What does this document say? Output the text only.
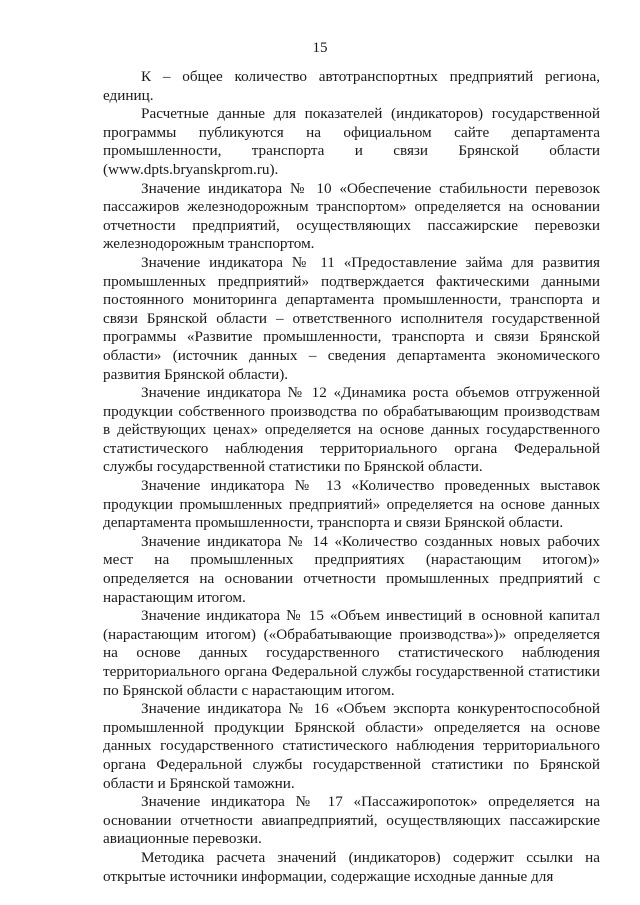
15

К – общее количество автотранспортных предприятий региона, единиц.

Расчетные данные для показателей (индикаторов) государственной программы публикуются на официальном сайте департамента промышленности, транспорта и связи Брянской области (www.dpts.bryanskprom.ru).

Значение индикатора № 10 «Обеспечение стабильности перевозок пассажиров железнодорожным транспортом» определяется на основании отчетности предприятий, осуществляющих пассажирские перевозки железнодорожным транспортом.

Значение индикатора № 11 «Предоставление займа для развития промышленных предприятий» подтверждается фактическими данными постоянного мониторинга департамента промышленности, транспорта и связи Брянской области – ответственного исполнителя государственной программы «Развитие промышленности, транспорта и связи Брянской области» (источник данных – сведения департамента экономического развития Брянской области).

Значение индикатора № 12 «Динамика роста объемов отгруженной продукции собственного производства по обрабатывающим производствам в действующих ценах» определяется на основе данных государственного статистического наблюдения территориального органа Федеральной службы государственной статистики по Брянской области.

Значение индикатора № 13 «Количество проведенных выставок продукции промышленных предприятий» определяется на основе данных департамента промышленности, транспорта и связи Брянской области.

Значение индикатора № 14 «Количество созданных новых рабочих мест на промышленных предприятиях (нарастающим итогом)» определяется на основании отчетности промышленных предприятий с нарастающим итогом.

Значение индикатора № 15 «Объем инвестиций в основной капитал (нарастающим итогом) («Обрабатывающие производства»)» определяется на основе данных государственного статистического наблюдения территориального органа Федеральной службы государственной статистики по Брянской области с нарастающим итогом.

Значение индикатора № 16 «Объем экспорта конкурентоспособной промышленной продукции Брянской области» определяется на основе данных государственного статистического наблюдения территориального органа Федеральной службы государственной статистики по Брянской области и Брянской таможни.

Значение индикатора № 17 «Пассажиропоток» определяется на основании отчетности авиапредприятий, осуществляющих пассажирские авиационные перевозки.

Методика расчета значений (индикаторов) содержит ссылки на открытые источники информации, содержащие исходные данные для
